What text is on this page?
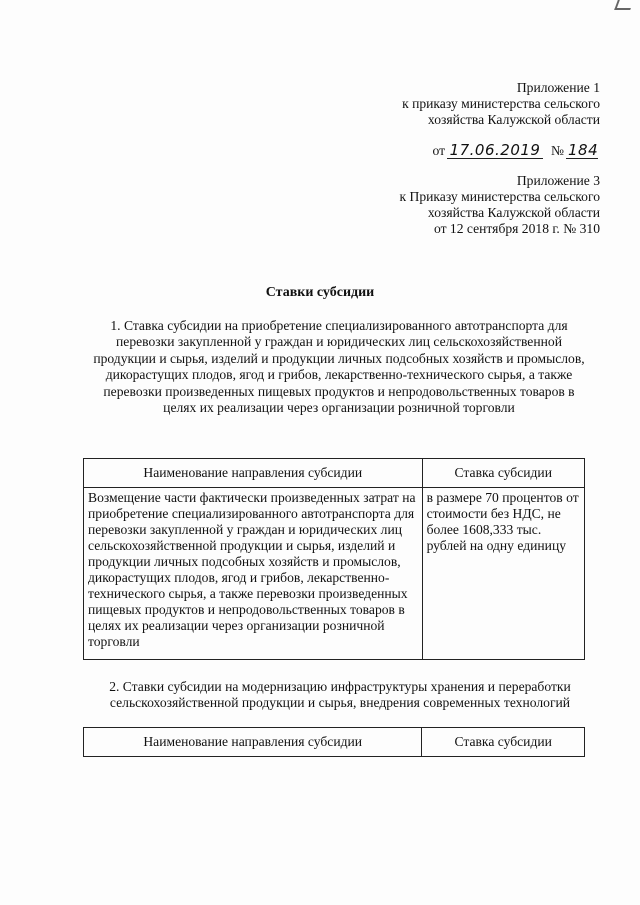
Приложение 1
к приказу министерства сельского
хозяйства Калужской области
от 17.06.2019 № 184
Приложение 3
к Приказу министерства сельского
хозяйства Калужской области
от 12 сентября 2018 г. № 310
Ставки субсидии
1. Ставка субсидии на приобретение специализированного автотранспорта для перевозки закупленной у граждан и юридических лиц сельскохозяйственной продукции и сырья, изделий и продукции личных подсобных хозяйств и промыслов, дикорастущих плодов, ягод и грибов, лекарственно-технического сырья, а также перевозки произведенных пищевых продуктов и непродовольственных товаров в целях их реализации через организации розничной торговли
Наименование направления субсидии	Ставка субсидии

Возмещение части фактически произведенных затрат на приобретение специализированного автотранспорта для перевозки закупленной у граждан и юридических лиц сельскохозяйственной продукции и сырья, изделий и продукции личных подсобных хозяйств и промыслов, дикорастущих плодов, ягод и грибов, лекарственно-технического сырья, а также перевозки произведенных пищевых продуктов и непродовольственных товаров в целях их реализации через организации розничной торговли	в размере 70 процентов от стоимости без НДС, не более 1608,333 тыс. рублей на одну единицу
2. Ставки субсидии на модернизацию инфраструктуры хранения и переработки сельскохозяйственной продукции и сырья, внедрения современных технологий
Наименование направления субсидии	Ставка субсидии
